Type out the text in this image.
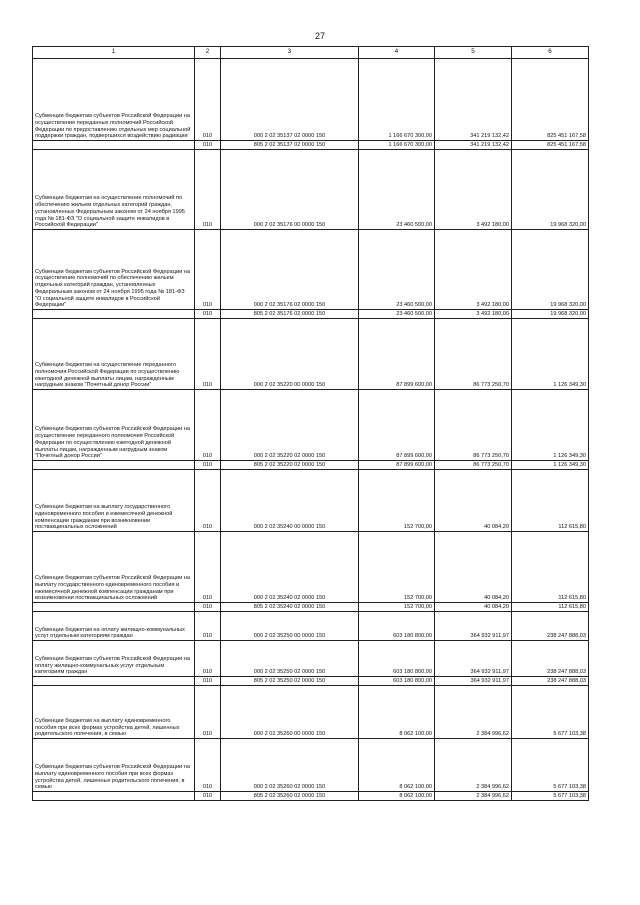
27
1	2	3	4	5	6
Субвенции бюджетам субъектов Российской Федерации на осуществление переданных полномочий Российской Федерации по предоставлению отдельных мер социальной поддержки граждан, подвергшихся воздействию радиации	010	000 2 02 35137 02 0000 150	1 166 670 300,00	341 219 132,42	825 451 167,58
	010	805 2 02 35137 02 0000 150	1 166 670 300,00	341 219 132,42	825 451 167,58
Субвенции бюджетам на осуществление полномочий по обеспечению жильем отдельных категорий граждан, установленных Федеральным законом от 24 ноября 1995 года № 181-ФЗ "О социальной защите инвалидов в Российской Федерации"	010	000 2 02 35176 00 0000 150	23 460 500,00	3 492 180,00	19 968 320,00
Субвенции бюджетам субъектов Российской Федерации на осуществление полномочий по обеспечению жильем отдельных категорий граждан, установленных Федеральным законом от 24 ноября 1995 года № 181-ФЗ "О социальной защите инвалидов в Российской Федерации"	010	000 2 02 35176 02 0000 150	23 460 500,00	3 492 180,00	19 968 320,00
	010	805 2 02 35176 02 0000 150	23 460 500,00	3 492 180,00	19 968 320,00
Субвенции бюджетам на осуществление переданного полномочия Российской Федерации по осуществлению ежегодной денежной выплаты лицам, награжденным нагрудным знаком "Почетный донор России"	010	000 2 02 35220 00 0000 150	87 899 600,00	86 773 250,70	1 126 349,30
Субвенции бюджетам субъектов Российской Федерации на осуществление переданного полномочия Российской Федерации по осуществлению ежегодной денежной выплаты лицам, награжденным нагрудным знаком "Почетный донор России"	010	000 2 02 35220 02 0000 150	87 899 600,00	86 773 250,70	1 126 349,30
	010	805 2 02 35220 02 0000 150	87 899 600,00	86 773 250,70	1 126 349,30
Субвенции бюджетам на выплату государственного единовременного пособия и ежемесячной денежной компенсации гражданам при возникновении поствакцинальных осложнений	010	000 2 02 35240 00 0000 150	152 700,00	40 084,20	112 615,80
Субвенции бюджетам субъектов Российской Федерации на выплату государственного единовременного пособия и ежемесячной денежной компенсации гражданам при возникновении поствакцинальных осложнений	010	000 2 02 35240 02 0000 150	152 700,00	40 084,20	112 615,80
	010	805 2 02 35240 02 0000 150	152 700,00	40 084,20	112 615,80
Субвенции бюджетам на оплату жилищно-коммунальных услуг отдельным категориям граждан	010	000 2 02 35250 00 0000 150	603 180 800,00	364 932 911,97	238 247 888,03
Субвенции бюджетам субъектов Российской Федерации на оплату жилищно-коммунальных услуг отдельным категориям граждан	010	000 2 02 35250 02 0000 150	603 180 800,00	364 932 911,97	238 247 888,03
	010	805 2 02 35250 02 0000 150	603 180 800,00	364 932 911,97	238 247 888,03
Субвенции бюджетам на выплату единовременного пособия при всех формах устройства детей, лишенных родительского попечения, в семью	010	000 2 02 35260 00 0000 150	8 062 100,00	2 384 996,62	5 677 103,38
Субвенции бюджетам субъектов Российской Федерации на выплату единовременного пособия при всех формах устройства детей, лишенных родительского попечения, в семью	010	000 2 02 35260 02 0000 150	8 062 100,00	2 384 996,62	5 677 103,38
	010	805 2 02 35260 02 0000 150	8 062 100,00	2 384 996,62	5 677 103,38
